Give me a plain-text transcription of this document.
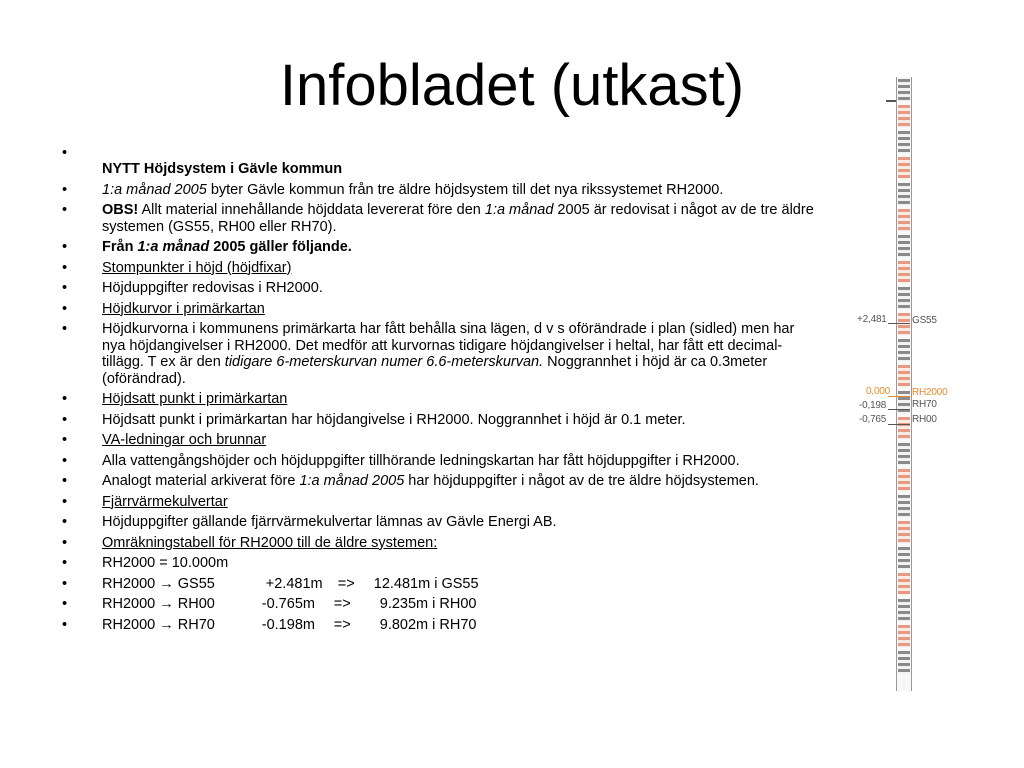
Infobladet (utkast)
•
NYTT Höjdsystem i Gävle kommun
• 1:a månad 2005 byter Gävle kommun från tre äldre höjdsystem till det nya rikssystemet RH2000.
• OBS! Allt material innehållande höjddata levererat före den 1:a månad 2005 är redovisat i något av de tre äldre systemen (GS55, RH00 eller RH70).
• Från 1:a månad 2005 gäller följande.
• Stompunkter i höjd (höjdfixar)
• Höjduppgifter redovisas i RH2000.
• Höjdkurvor i primärkartan
• Höjdkurvorna i kommunens primärkarta har fått behålla sina lägen, d v s oförändrade i plan (sidled) men har nya höjdangivelser i RH2000. Det medför att kurvornas tidigare höjdangivelser i heltal, har fått ett decimal-tillägg. T ex är den tidigare 6-meterskurvan numer 6.6-meterskurvan. Noggrannhet i höjd är ca 0.3meter (oförändrad).
• Höjdsatt punkt i primärkartan
• Höjdsatt punkt i primärkartan har höjdangivelse i RH2000. Noggrannhet i höjd är 0.1 meter.
• VA-ledningar och brunnar
• Alla vattengångshöjder och höjduppgifter tillhörande ledningskartan har fått höjduppgifter i RH2000.
• Analogt material arkiverat före 1:a månad 2005 har höjduppgifter i något av de tre äldre höjdsystemen.
• Fjärrvärmekulvertar
• Höjduppgifter gällande fjärrvärmekulvertar lämnas av Gävle Energi AB.
• Omräkningstabell för RH2000 till de äldre systemen:
• RH2000 = 10.000m
• RH2000 → GS55	+2.481m => 12.481m i GS55
• RH2000 → RH00	-0.765m => 9.235m i RH00
• RH2000 → RH70	-0.198m => 9.802m i RH70
+2,481	GS55
0,000 RH2000
-0,198	RH70
-0,765	RH00
